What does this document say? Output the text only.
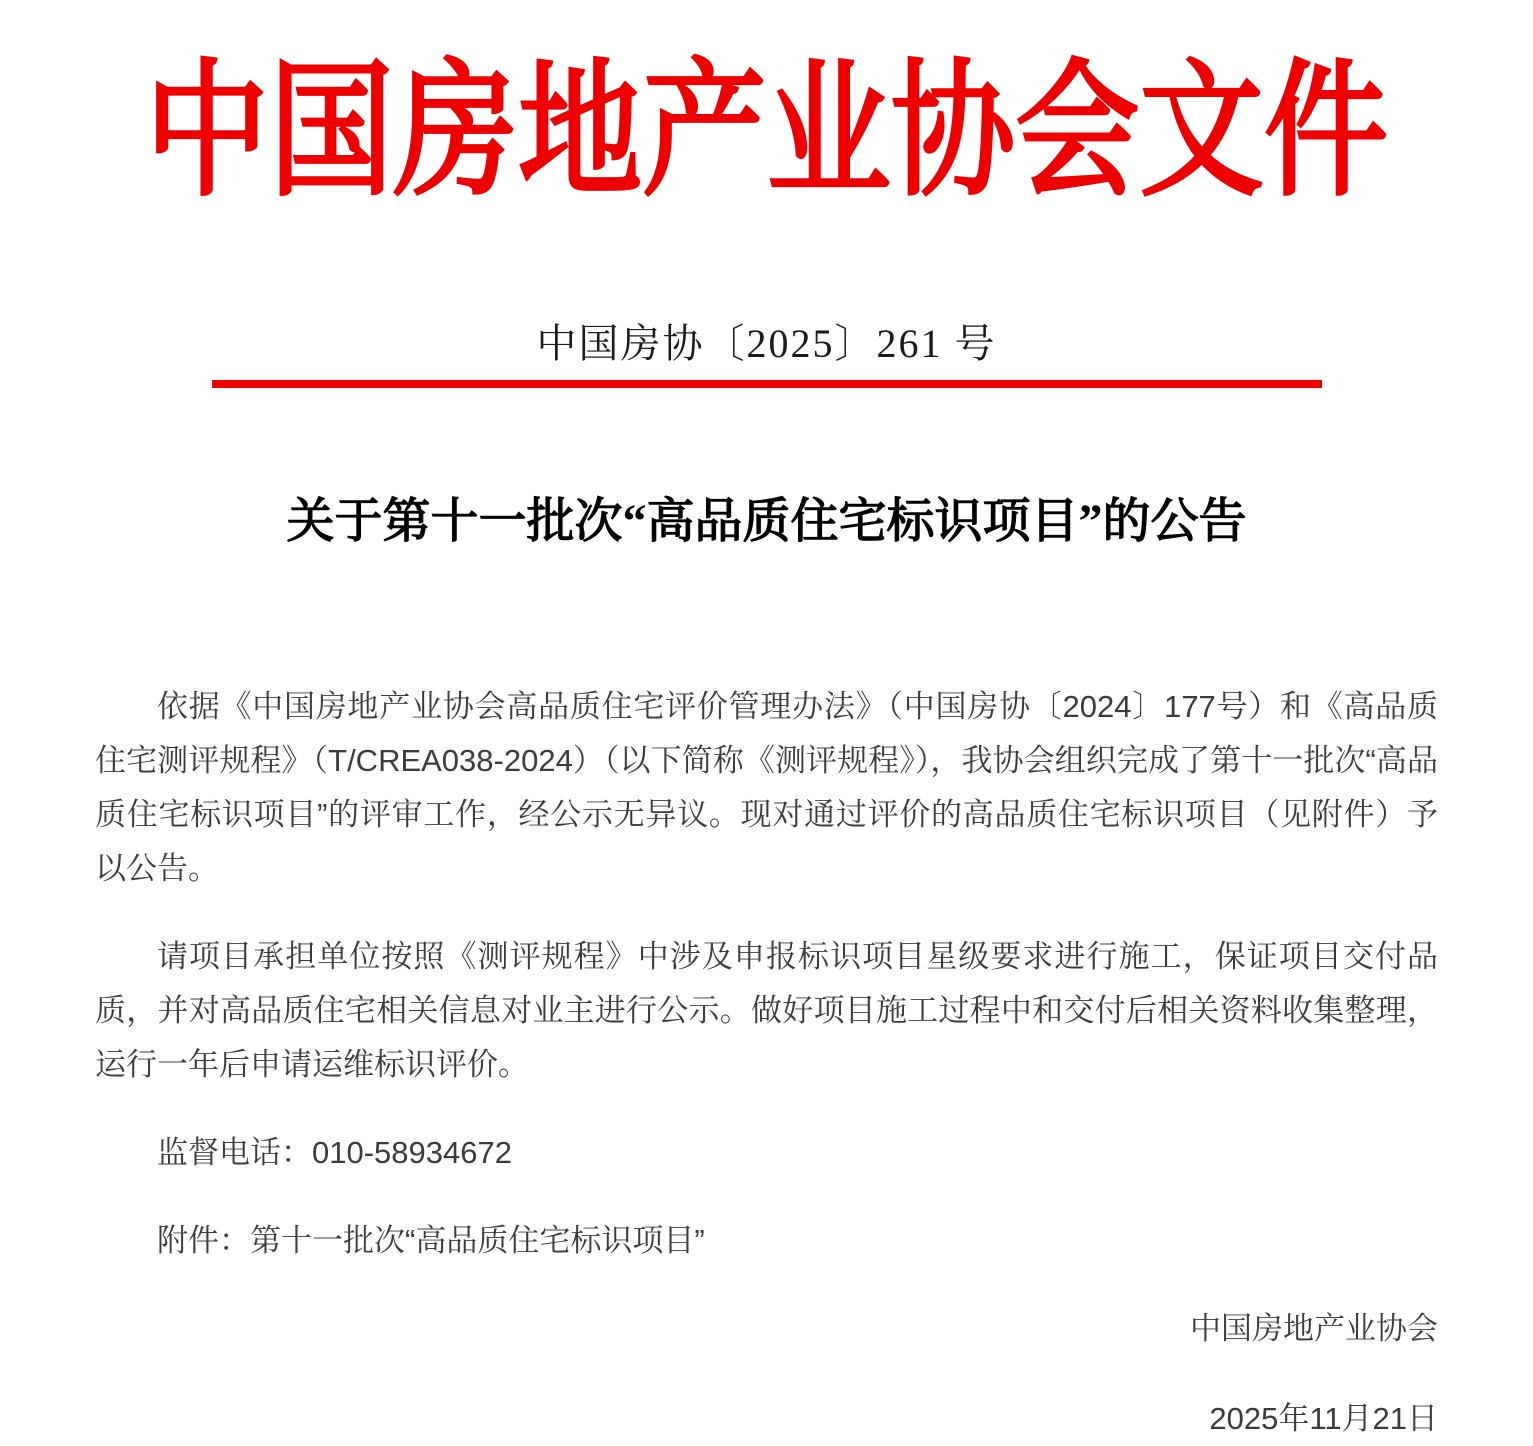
中国房地产业协会文件
中国房协〔2025〕261 号
关于第十一批次“高品质住宅标识项目”的公告

依据《中国房地产业协会高品质住宅评价管理办法》（中国房协〔2024〕177号）和《高品质住宅测评规程》（T/CREA038-2024）（以下简称《测评规程》），我协会组织完成了第十一批次“高品质住宅标识项目”的评审工作，经公示无异议。现对通过评价的高品质住宅标识项目（见附件）予以公告。

请项目承担单位按照《测评规程》中涉及申报标识项目星级要求进行施工，保证项目交付品质，并对高品质住宅相关信息对业主进行公示。做好项目施工过程中和交付后相关资料收集整理，运行一年后申请运维标识评价。

监督电话：010-58934672

附件：第十一批次“高品质住宅标识项目”

中国房地产业协会

2025年11月21日
